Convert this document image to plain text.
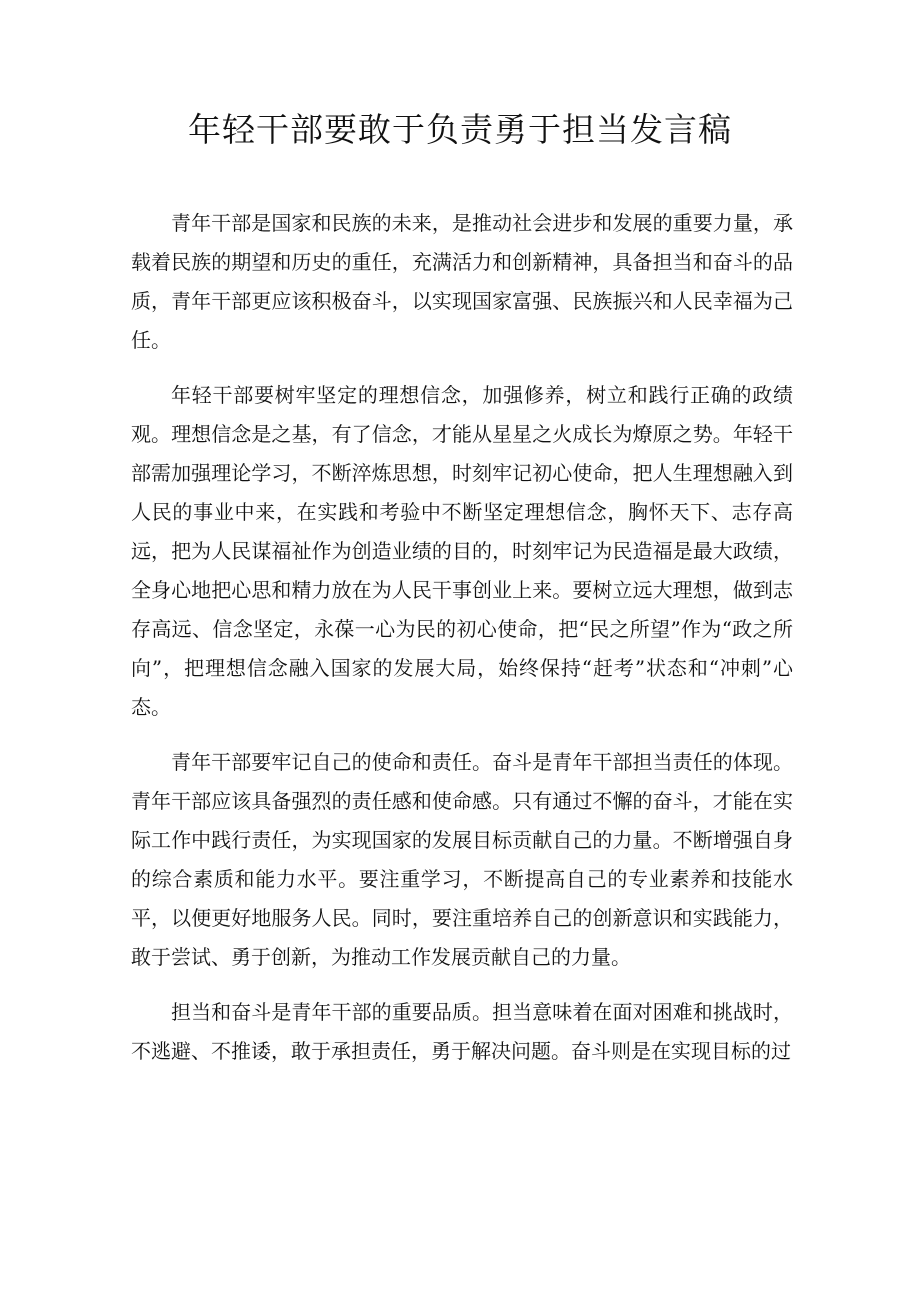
年轻干部要敢于负责勇于担当发言稿

青年干部是国家和民族的未来，是推动社会进步和发展的重要力量，承载着民族的期望和历史的重任，充满活力和创新精神，具备担当和奋斗的品质，青年干部更应该积极奋斗，以实现国家富强、民族振兴和人民幸福为己任。

年轻干部要树牢坚定的理想信念，加强修养，树立和践行正确的政绩观。理想信念是之基，有了信念，才能从星星之火成长为燎原之势。年轻干部需加强理论学习，不断淬炼思想，时刻牢记初心使命，把人生理想融入到人民的事业中来，在实践和考验中不断坚定理想信念，胸怀天下、志存高远，把为人民谋福祉作为创造业绩的目的，时刻牢记为民造福是最大政绩，全身心地把心思和精力放在为人民干事创业上来。要树立远大理想，做到志存高远、信念坚定，永葆一心为民的初心使命，把“民之所望”作为“政之所向”，把理想信念融入国家的发展大局，始终保持“赶考”状态和“冲刺”心态。

青年干部要牢记自己的使命和责任。奋斗是青年干部担当责任的体现。青年干部应该具备强烈的责任感和使命感。只有通过不懈的奋斗，才能在实际工作中践行责任，为实现国家的发展目标贡献自己的力量。不断增强自身的综合素质和能力水平。要注重学习，不断提高自己的专业素养和技能水平，以便更好地服务人民。同时，要注重培养自己的创新意识和实践能力，敢于尝试、勇于创新，为推动工作发展贡献自己的力量。

担当和奋斗是青年干部的重要品质。担当意味着在面对困难和挑战时，不逃避、不推诿，敢于承担责任，勇于解决问题。奋斗则是在实现目标的过
